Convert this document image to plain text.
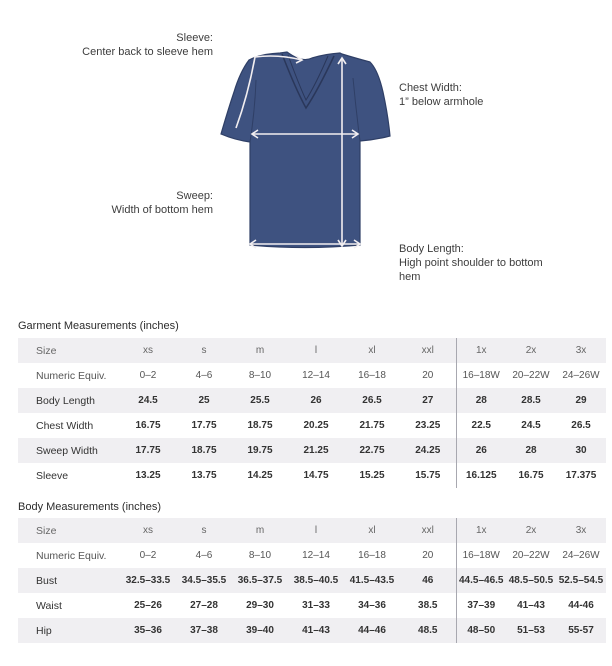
Sleeve:
Center back to sleeve hem
Sweep:
Width of bottom hem
Chest Width:
1” below armhole
Body Length:
High point shoulder to bottom
hem
Garment Measurements (inches)
Size	xs	s	m	l	xl	xxl	1x	2x	3x
Numeric Equiv.	0–2	4–6	8–10	12–14	16–18	20	16–18W	20–22W	24–26W
Body Length	24.5	25	25.5	26	26.5	27	28	28.5	29
Chest Width	16.75	17.75	18.75	20.25	21.75	23.25	22.5	24.5	26.5
Sweep Width	17.75	18.75	19.75	21.25	22.75	24.25	26	28	30
Sleeve	13.25	13.75	14.25	14.75	15.25	15.75	16.125	16.75	17.375
Body Measurements (inches)
Size	xs	s	m	l	xl	xxl	1x	2x	3x
Numeric Equiv.	0–2	4–6	8–10	12–14	16–18	20	16–18W	20–22W	24–26W
Bust	32.5–33.5	34.5–35.5	36.5–37.5	38.5–40.5	41.5–43.5	46	44.5–46.5	48.5–50.5	52.5–54.5
Waist	25–26	27–28	29–30	31–33	34–36	38.5	37–39	41–43	44-46
Hip	35–36	37–38	39–40	41–43	44–46	48.5	48–50	51–53	55-57
